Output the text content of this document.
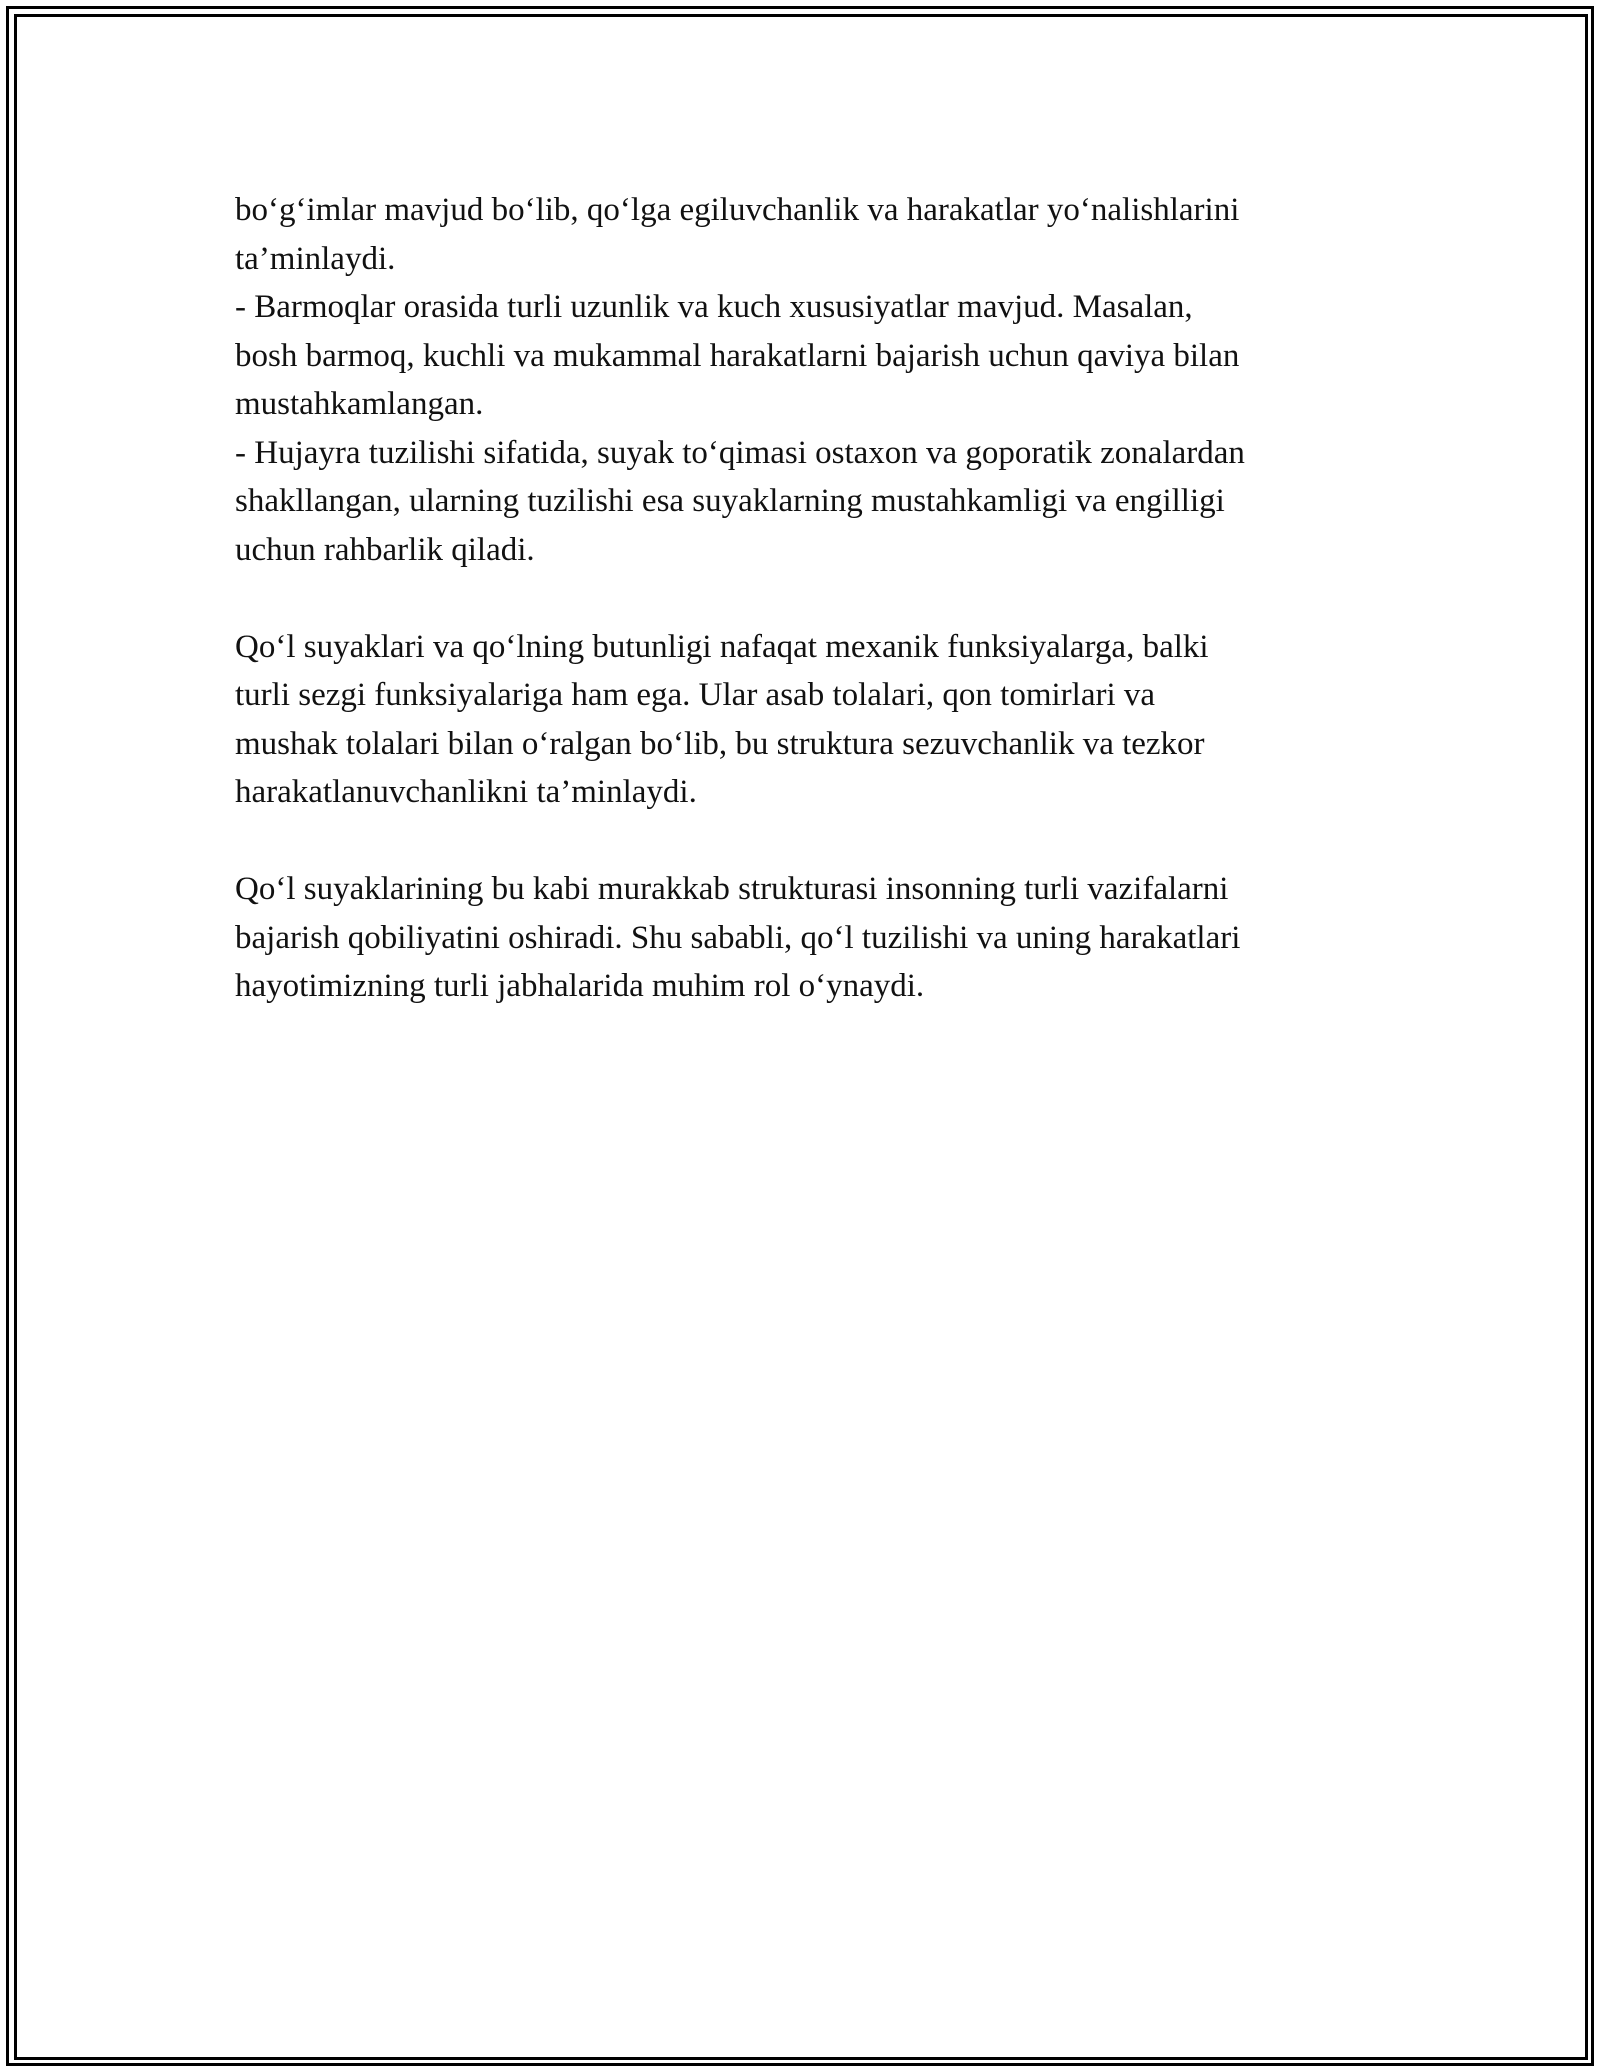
bo‘g‘imlar mavjud bo‘lib, qo‘lga egiluvchanlik va harakatlar yo‘nalishlarini
ta’minlaydi.
- Barmoqlar orasida turli uzunlik va kuch xususiyatlar mavjud. Masalan,
bosh barmoq, kuchli va mukammal harakatlarni bajarish uchun qaviya bilan
mustahkamlangan.
- Hujayra tuzilishi sifatida, suyak to‘qimasi ostaxon va goporatik zonalardan
shakllangan, ularning tuzilishi esa suyaklarning mustahkamligi va engilligi
uchun rahbarlik qiladi.
Qo‘l suyaklari va qo‘lning butunligi nafaqat mexanik funksiyalarga, balki
turli sezgi funksiyalariga ham ega. Ular asab tolalari, qon tomirlari va
mushak tolalari bilan o‘ralgan bo‘lib, bu struktura sezuvchanlik va tezkor
harakatlanuvchanlikni ta’minlaydi.
Qo‘l suyaklarining bu kabi murakkab strukturasi insonning turli vazifalarni
bajarish qobiliyatini oshiradi. Shu sababli, qo‘l tuzilishi va uning harakatlari
hayotimizning turli jabhalarida muhim rol o‘ynaydi.
